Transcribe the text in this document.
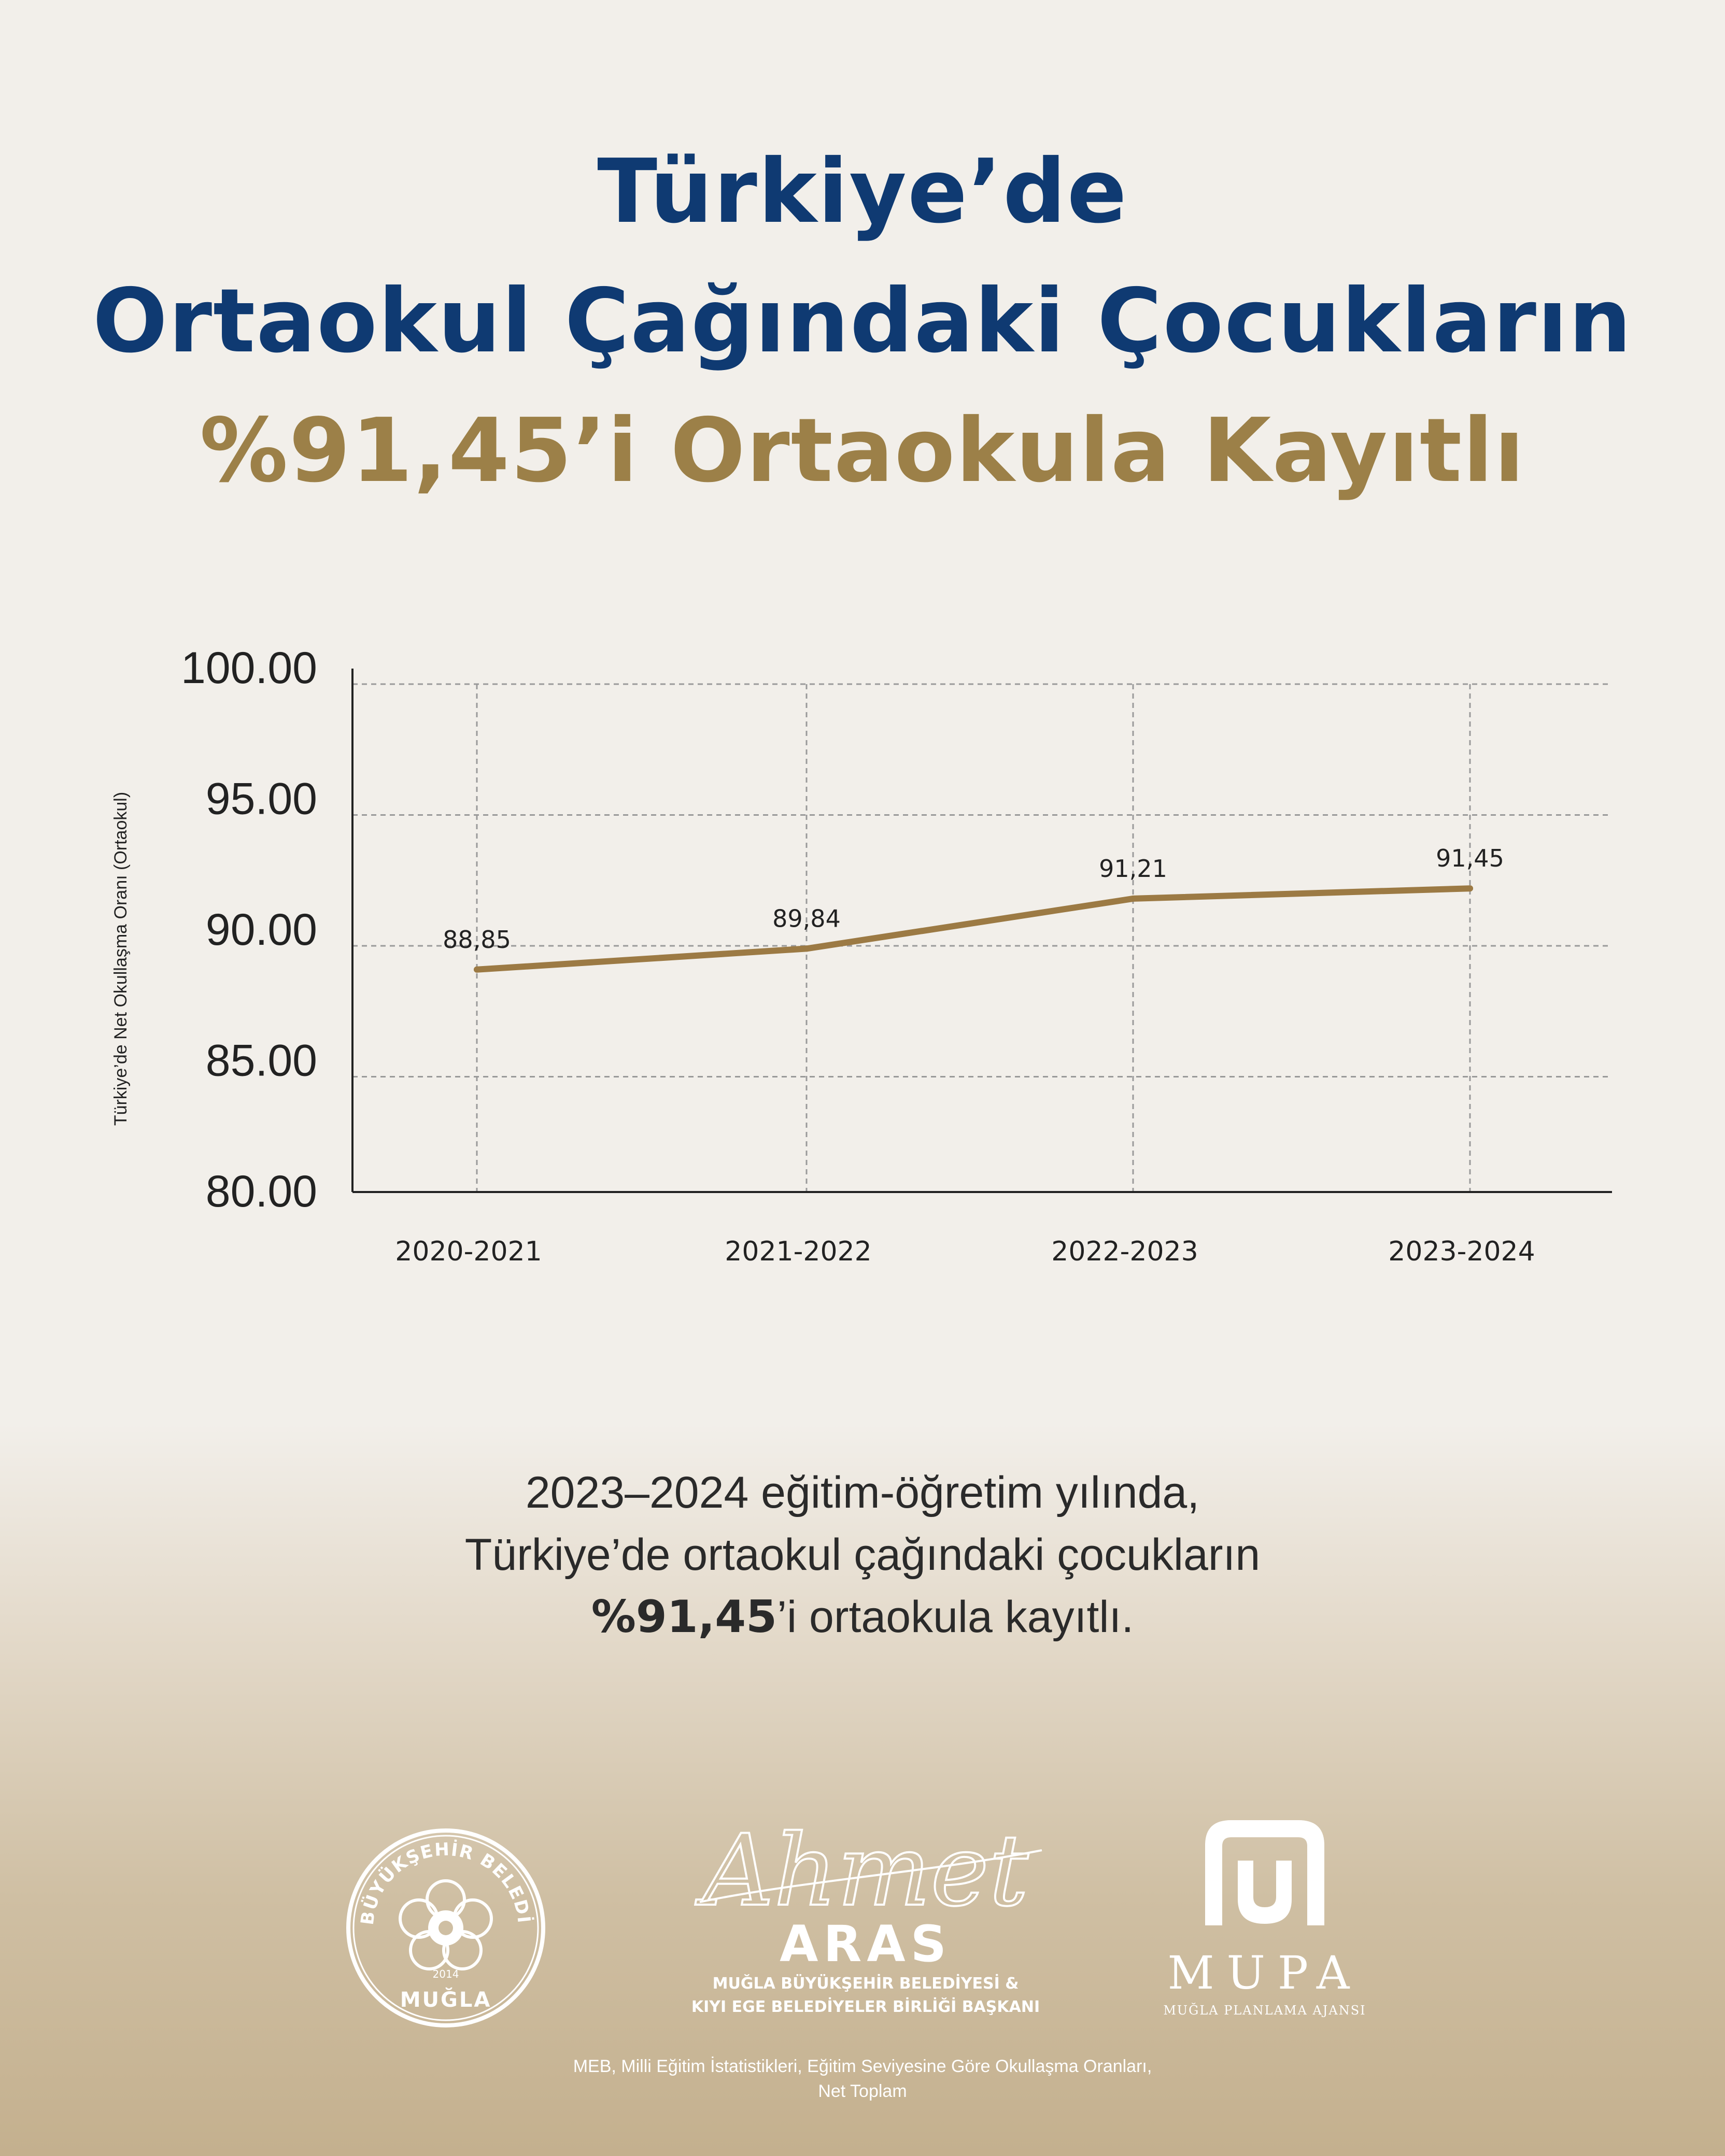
Türkiye’de
Ortaokul Çağındaki Çocukların
%91,45’i Ortaokula Kayıtlı
80.00
85.00
90.00
95.00
100.00
2020-2021	2021-2022	2022-2023	2023-2024
88,85
89,84
91,21	91,45
Türkiye’de Net Okullaşma Oranı (Ortaokul)
2023–2024 eğitim-öğretim yılında,
Türkiye’de ortaokul çağındaki çocukların
%91,45’i ortaokula kayıtlı.
BÜYÜKŞEHİR BELEDİ
2014
MUĞLA
Ahmet
ARAS
MUĞLA BÜYÜKŞEHİR BELEDİYESİ &
KIYI EGE BELEDİYELER BİRLİĞİ BAŞKANI
MUPA
MUĞLA PLANLAMA AJANSI
MEB, Milli Eğitim İstatistikleri, Eğitim Seviyesine Göre Okullaşma Oranları,
Net Toplam
